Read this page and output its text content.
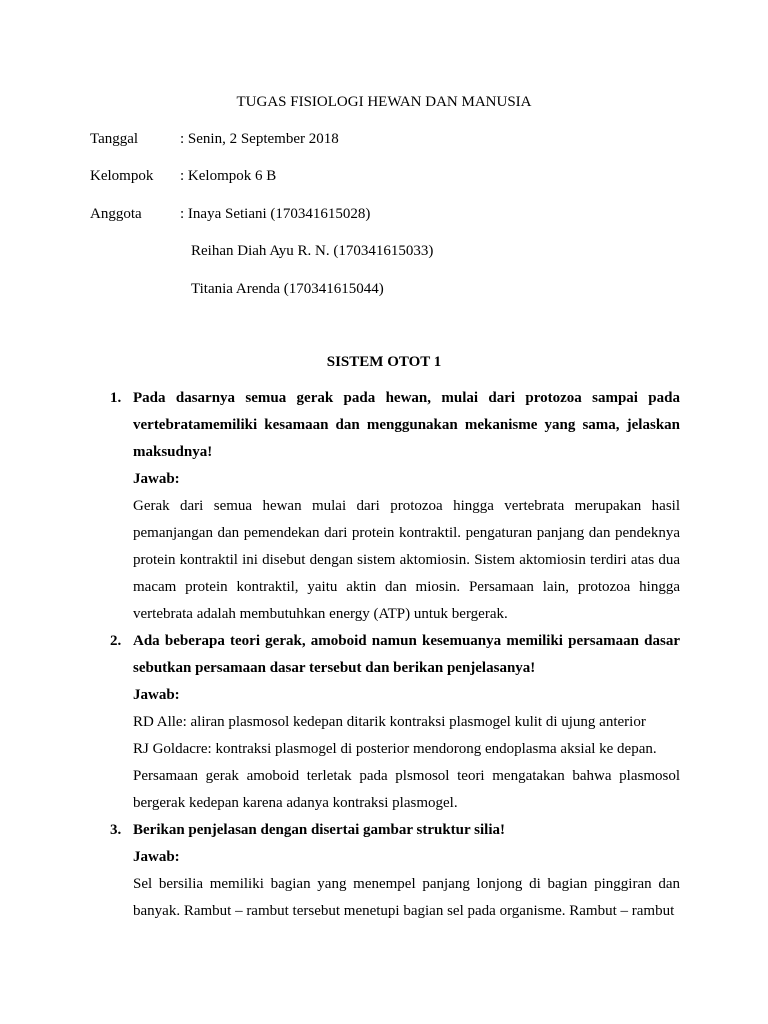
TUGAS FISIOLOGI HEWAN DAN MANUSIA
Tanggal	: Senin, 2 September 2018
Kelompok : Kelompok 6 B
Anggota	: Inaya Setiani (170341615028)
Reihan Diah Ayu R. N. (170341615033)
Titania Arenda (170341615044)
SISTEM OTOT 1
1. Pada dasarnya semua gerak pada hewan, mulai dari protozoa sampai pada vertebratamemiliki kesamaan dan menggunakan mekanisme yang sama, jelaskan maksudnya!
Jawab:
Gerak dari semua hewan mulai dari protozoa hingga vertebrata merupakan hasil pemanjangan dan pemendekan dari protein kontraktil. pengaturan panjang dan pendeknya protein kontraktil ini disebut dengan sistem aktomiosin. Sistem aktomiosin terdiri atas dua macam protein kontraktil, yaitu aktin dan miosin. Persamaan lain, protozoa hingga vertebrata adalah membutuhkan energy (ATP) untuk bergerak.
2. Ada beberapa teori gerak, amoboid namun kesemuanya memiliki persamaan dasar sebutkan persamaan dasar tersebut dan berikan penjelasanya!
Jawab:
RD Alle: aliran plasmosol kedepan ditarik kontraksi plasmogel kulit di ujung anterior
RJ Goldacre: kontraksi plasmogel di posterior mendorong endoplasma aksial ke depan.
Persamaan gerak amoboid terletak pada plsmosol teori mengatakan bahwa plasmosol bergerak kedepan karena adanya kontraksi plasmogel.
3. Berikan penjelasan dengan disertai gambar struktur silia!
Jawab:
Sel bersilia memiliki bagian yang menempel panjang lonjong di bagian pinggiran dan banyak. Rambut – rambut tersebut menetupi bagian sel pada organisme. Rambut – rambut
